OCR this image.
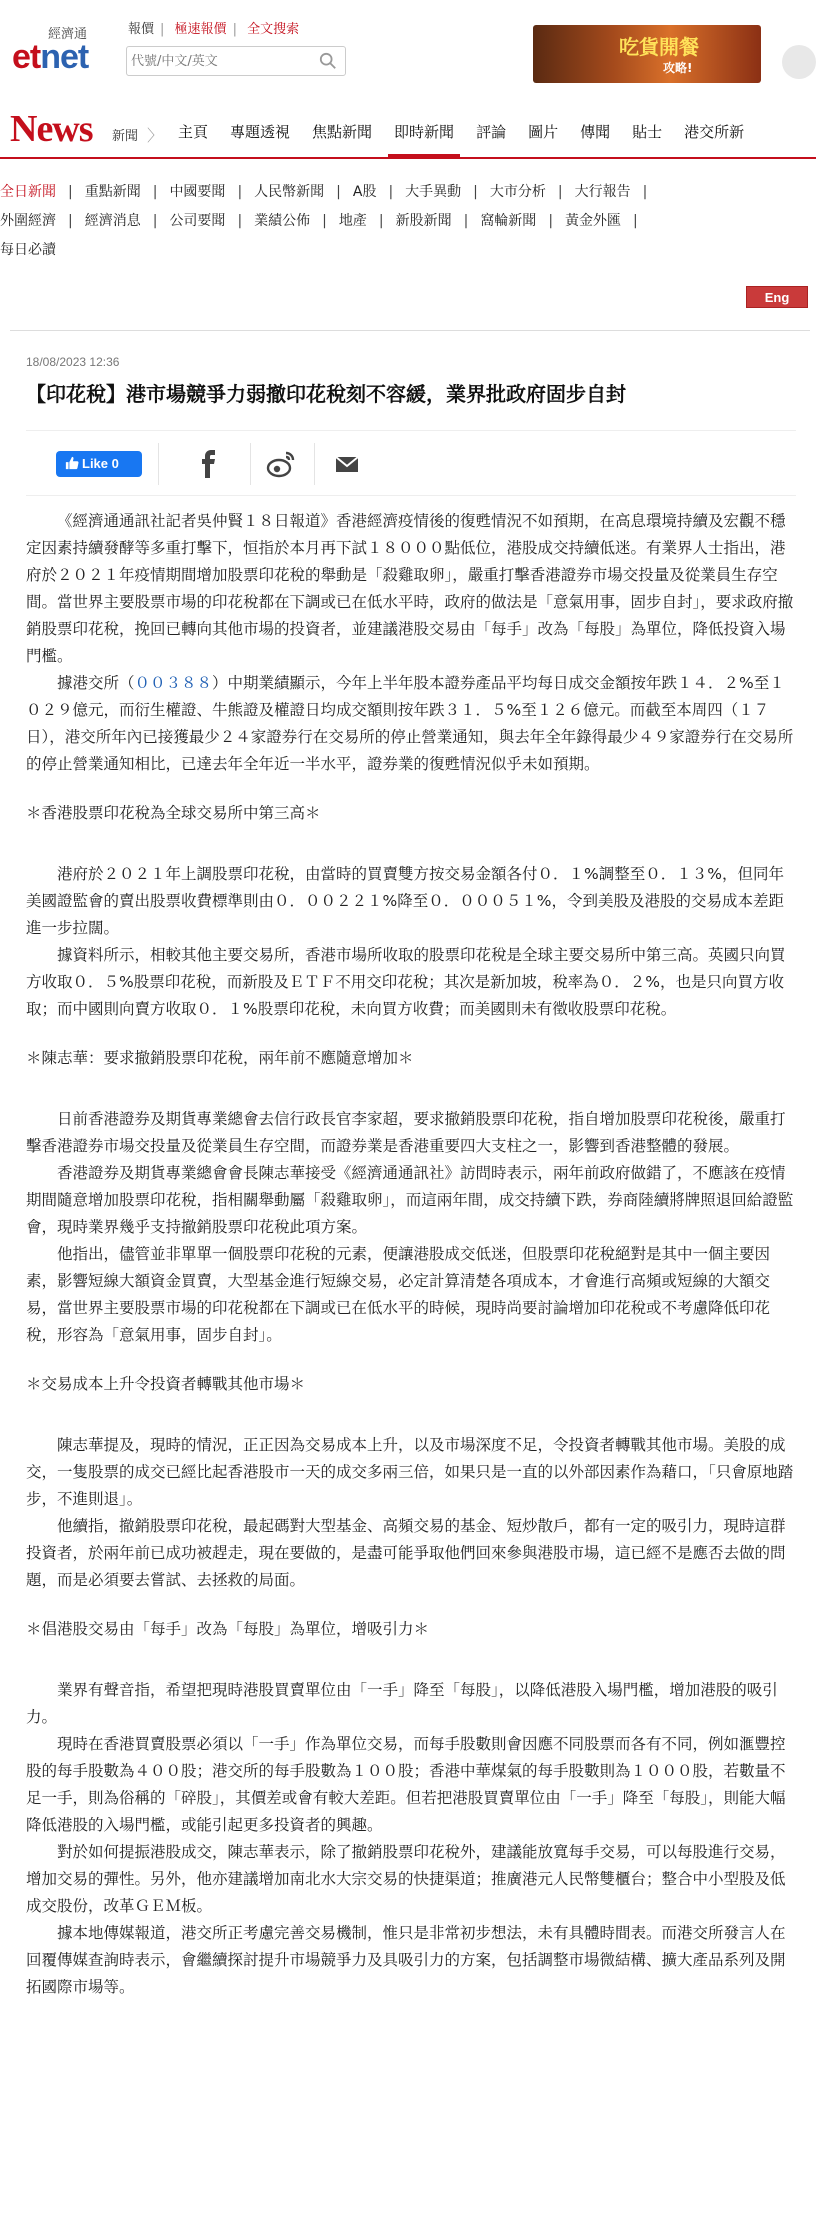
經濟通
etnet
報價 | 極速報價 | 全文搜索
代號/中文/英文
吃貨開餐
攻略!
News 新聞 〉 主頁 專題透視 焦點新聞 即時新聞 評論 圖片 傳聞 貼士 港交所新
全日新聞 | 重點新聞 | 中國要聞 | 人民幣新聞 | A股 | 大手異動 | 大市分析 | 大行報告 |
外圍經濟 | 經濟消息 | 公司要聞 | 業績公佈 | 地產 | 新股新聞 | 窩輪新聞 | 黃金外匯 |
每日必讀
Eng
18/08/2023 12:36
【印花稅】港市場競爭力弱撤印花稅刻不容緩，業界批政府固步自封
Like 0

《經濟通通訊社記者吳仲賢１８日報道》香港經濟疫情後的復甦情況不如預期，在高息環境持續及宏觀不穩定因素持續發酵等多重打擊下，恒指於本月再下試１８０００點低位，港股成交持續低迷。有業界人士指出，港府於２０２１年疫情期間增加股票印花稅的舉動是「殺雞取卵」，嚴重打擊香港證券市場交投量及從業員生存空間。當世界主要股票市場的印花稅都在下調或已在低水平時，政府的做法是「意氣用事，固步自封」，要求政府撤銷股票印花稅，挽回已轉向其他市場的投資者，並建議港股交易由「每手」改為「每股」為單位，降低投資入場門檻。

據港交所（００３８８）中期業績顯示，今年上半年股本證券產品平均每日成交金額按年跌１４．２%至１０２９億元，而衍生權證、牛熊證及權證日均成交額則按年跌３１．５%至１２６億元。而截至本周四（１７日），港交所年內已接獲最少２４家證券行在交易所的停止營業通知，與去年全年錄得最少４９家證券行在交易所的停止營業通知相比，已達去年全年近一半水平，證券業的復甦情況似乎未如預期。

＊香港股票印花稅為全球交易所中第三高＊

港府於２０２１年上調股票印花稅，由當時的買賣雙方按交易金額各付０．１%調整至０．１３%，但同年美國證監會的賣出股票收費標準則由０．００２２１%降至０．０００５１%，令到美股及港股的交易成本差距進一步拉闊。

據資料所示，相較其他主要交易所，香港市場所收取的股票印花稅是全球主要交易所中第三高。英國只向買方收取０．５%股票印花稅，而新股及ＥＴＦ不用交印花稅；其次是新加坡，稅率為０．２%，也是只向買方收取；而中國則向賣方收取０．１%股票印花稅，未向買方收費；而美國則未有徵收股票印花稅。

＊陳志華：要求撤銷股票印花稅，兩年前不應隨意增加＊

日前香港證券及期貨專業總會去信行政長官李家超，要求撤銷股票印花稅，指自增加股票印花稅後，嚴重打擊香港證券市場交投量及從業員生存空間，而證券業是香港重要四大支柱之一，影響到香港整體的發展。

香港證券及期貨專業總會會長陳志華接受《經濟通通訊社》訪問時表示，兩年前政府做錯了，不應該在疫情期間隨意增加股票印花稅，指相關舉動屬「殺雞取卵」，而這兩年間，成交持續下跌，券商陸續將牌照退回給證監會，現時業界幾乎支持撤銷股票印花稅此項方案。

他指出，儘管並非單單一個股票印花稅的元素，便讓港股成交低迷，但股票印花稅絕對是其中一個主要因素，影響短線大額資金買賣，大型基金進行短線交易，必定計算清楚各項成本，才會進行高頻或短線的大額交易，當世界主要股票市場的印花稅都在下調或已在低水平的時候，現時尚要討論增加印花稅或不考慮降低印花稅，形容為「意氣用事，固步自封」。

＊交易成本上升令投資者轉戰其他市場＊

陳志華提及，現時的情況，正正因為交易成本上升，以及市場深度不足，令投資者轉戰其他市場。美股的成交，一隻股票的成交已經比起香港股市一天的成交多兩三倍，如果只是一直的以外部因素作為藉口，「只會原地踏步，不進則退」。

他續指，撤銷股票印花稅，最起碼對大型基金、高頻交易的基金、短炒散戶，都有一定的吸引力，現時這群投資者，於兩年前已成功被趕走，現在要做的，是盡可能爭取他們回來參與港股市場，這已經不是應否去做的問題，而是必須要去嘗試、去拯救的局面。

＊倡港股交易由「每手」改為「每股」為單位，增吸引力＊

業界有聲音指，希望把現時港股買賣單位由「一手」降至「每股」，以降低港股入場門檻，增加港股的吸引力。

現時在香港買賣股票必須以「一手」作為單位交易，而每手股數則會因應不同股票而各有不同，例如滙豐控股的每手股數為４００股；港交所的每手股數為１００股；香港中華煤氣的每手股數則為１０００股，若數量不足一手，則為俗稱的「碎股」，其價差或會有較大差距。但若把港股買賣單位由「一手」降至「每股」，則能大幅降低港股的入場門檻，或能引起更多投資者的興趣。

對於如何提振港股成交，陳志華表示，除了撤銷股票印花稅外，建議能放寬每手交易，可以每股進行交易，增加交易的彈性。另外，他亦建議增加南北水大宗交易的快捷渠道；推廣港元人民幣雙櫃台；整合中小型股及低成交股份，改革ＧＥＭ板。

據本地傳媒報道，港交所正考慮完善交易機制，惟只是非常初步想法，未有具體時間表。而港交所發言人在回覆傳媒查詢時表示，會繼續探討提升市場競爭力及具吸引力的方案，包括調整市場微結構、擴大產品系列及開拓國際市場等。
